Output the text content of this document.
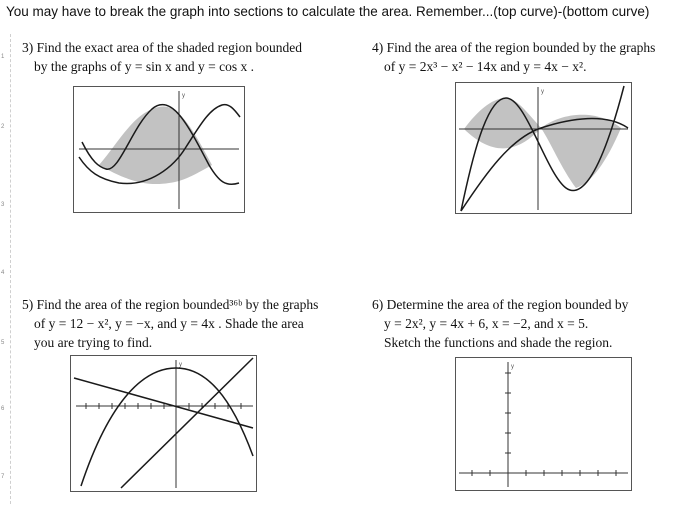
You may have to break the graph into sections to calculate the area. Remember...(top curve)-(bottom curve)
1
2
3
4
5
6
7
3) Find the exact area of the shaded region bounded
by the graphs of y = sin x and y = cos x .
y
4) Find the area of the region bounded by the graphs
of y = 2x³ − x² − 14x and y = 4x − x².
y
5) Find the area of the region bounded³⁶ᵇ by the graphs
of y = 12 − x², y = −x, and y = 4x . Shade the area
you are trying to find.
y
6) Determine the area of the region bounded by
y = 2x², y = 4x + 6, x = −2, and x = 5.
Sketch the functions and shade the region.
y
